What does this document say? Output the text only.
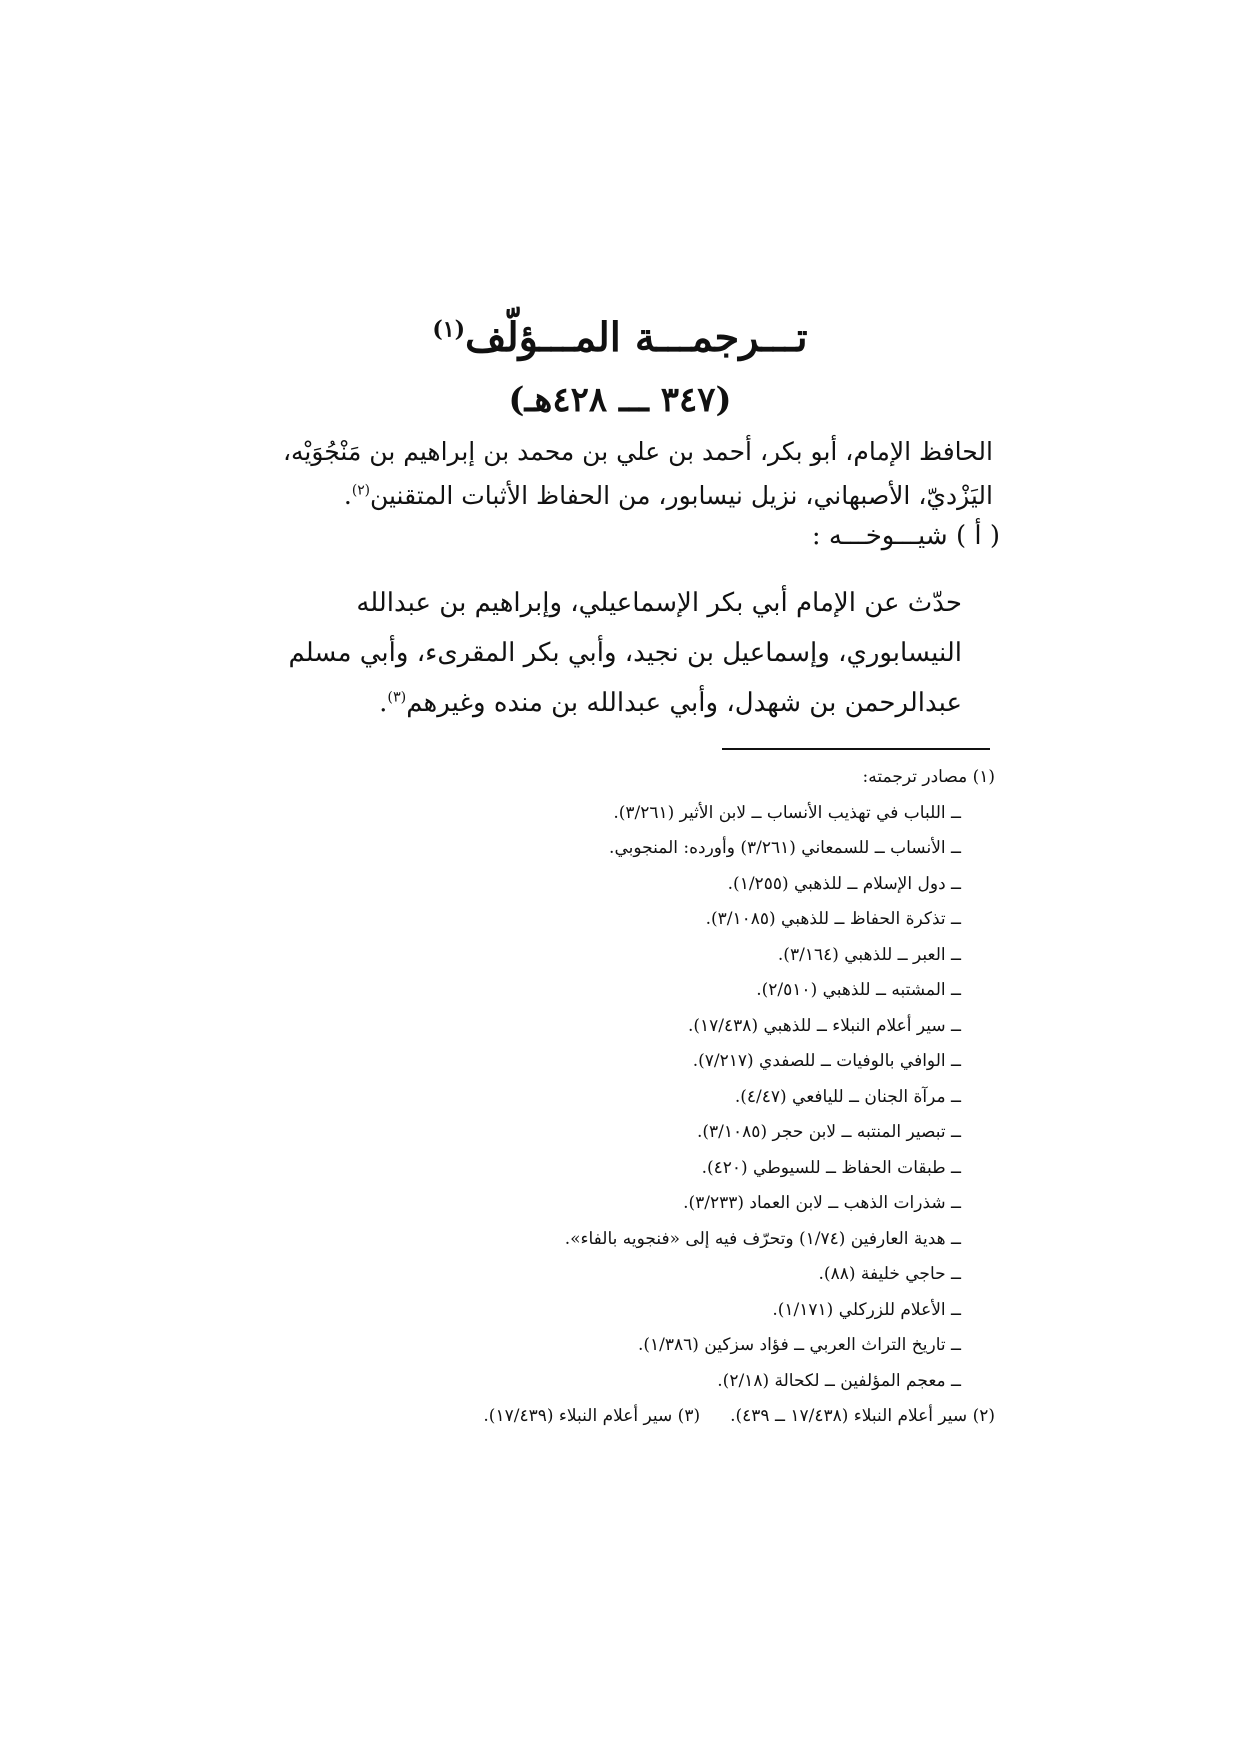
تـــرجمـــة المـــؤلّف$^{(١)}$
(٣٤٧ ـــ ٤٢٨هـ)

الحافظ الإمام، أبو بكر، أحمد بن علي بن محمد بن إبراهيم بن مَنْجُوَيْه،

اليَزْديّ، الأصبهاني، نزيل نيسابور، من الحفاظ الأثبات المتقنين$^{(٢)}$.

( أ ) شيـــوخـــه :

حدّث عن الإمام أبي بكر الإسماعيلي، وإبراهيم بن عبدالله

النيسابوري، وإسماعيل بن نجيد، وأبي بكر المقرىء، وأبي مسلم

عبدالرحمن بن شهدل، وأبي عبدالله بن منده وغيرهم$^{(٣)}$.

(١) مصادر ترجمته:
ــ اللباب في تهذيب الأنساب ــ لابن الأثير (٣/٢٦١).
ــ الأنساب ــ للسمعاني (٣/٢٦١) وأورده: المنجوبي.
ــ دول الإسلام ــ للذهبي (١/٢٥٥).
ــ تذكرة الحفاظ ــ للذهبي (٣/١٠٨٥).
ــ العبر ــ للذهبي (٣/١٦٤).
ــ المشتبه ــ للذهبي (٢/٥١٠).
ــ سير أعلام النبلاء ــ للذهبي (١٧/٤٣٨).
ــ الوافي بالوفيات ــ للصفدي (٧/٢١٧).
ــ مرآة الجنان ــ لليافعي (٤/٤٧).
ــ تبصير المنتبه ــ لابن حجر (٣/١٠٨٥).
ــ طبقات الحفاظ ــ للسيوطي (٤٢٠).
ــ شذرات الذهب ــ لابن العماد (٣/٢٣٣).
ــ هدية العارفين (١/٧٤) وتحرّف فيه إلى «فنجويه بالفاء».
ــ حاجي خليفة (٨٨).
ــ الأعلام للزركلي (١/١٧١).
ــ تاريخ التراث العربي ــ فؤاد سزكين (١/٣٨٦).
ــ معجم المؤلفين ــ لكحالة (٢/١٨).
(٢) سير أعلام النبلاء (١٧/٤٣٨ ــ ٤٣٩).(٣) سير أعلام النبلاء (١٧/٤٣٩).
